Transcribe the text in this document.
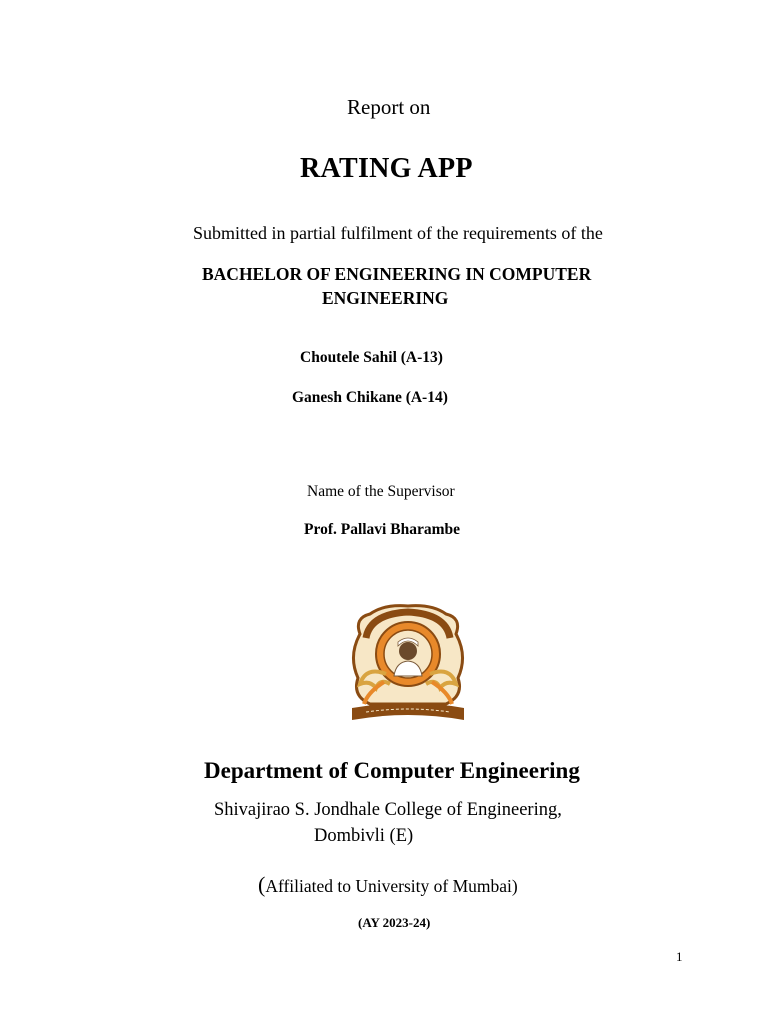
Report on
RATING APP
Submitted in partial fulfilment of the requirements of the
BACHELOR OF ENGINEERING IN COMPUTER
ENGINEERING
Choutele Sahil (A-13)
Ganesh Chikane (A-14)
Name of the Supervisor
Prof. Pallavi Bharambe
Department of Computer Engineering
Shivajirao S. Jondhale College of Engineering,
Dombivli (E)
(Affiliated to University of Mumbai)
(AY 2023-24)
1
